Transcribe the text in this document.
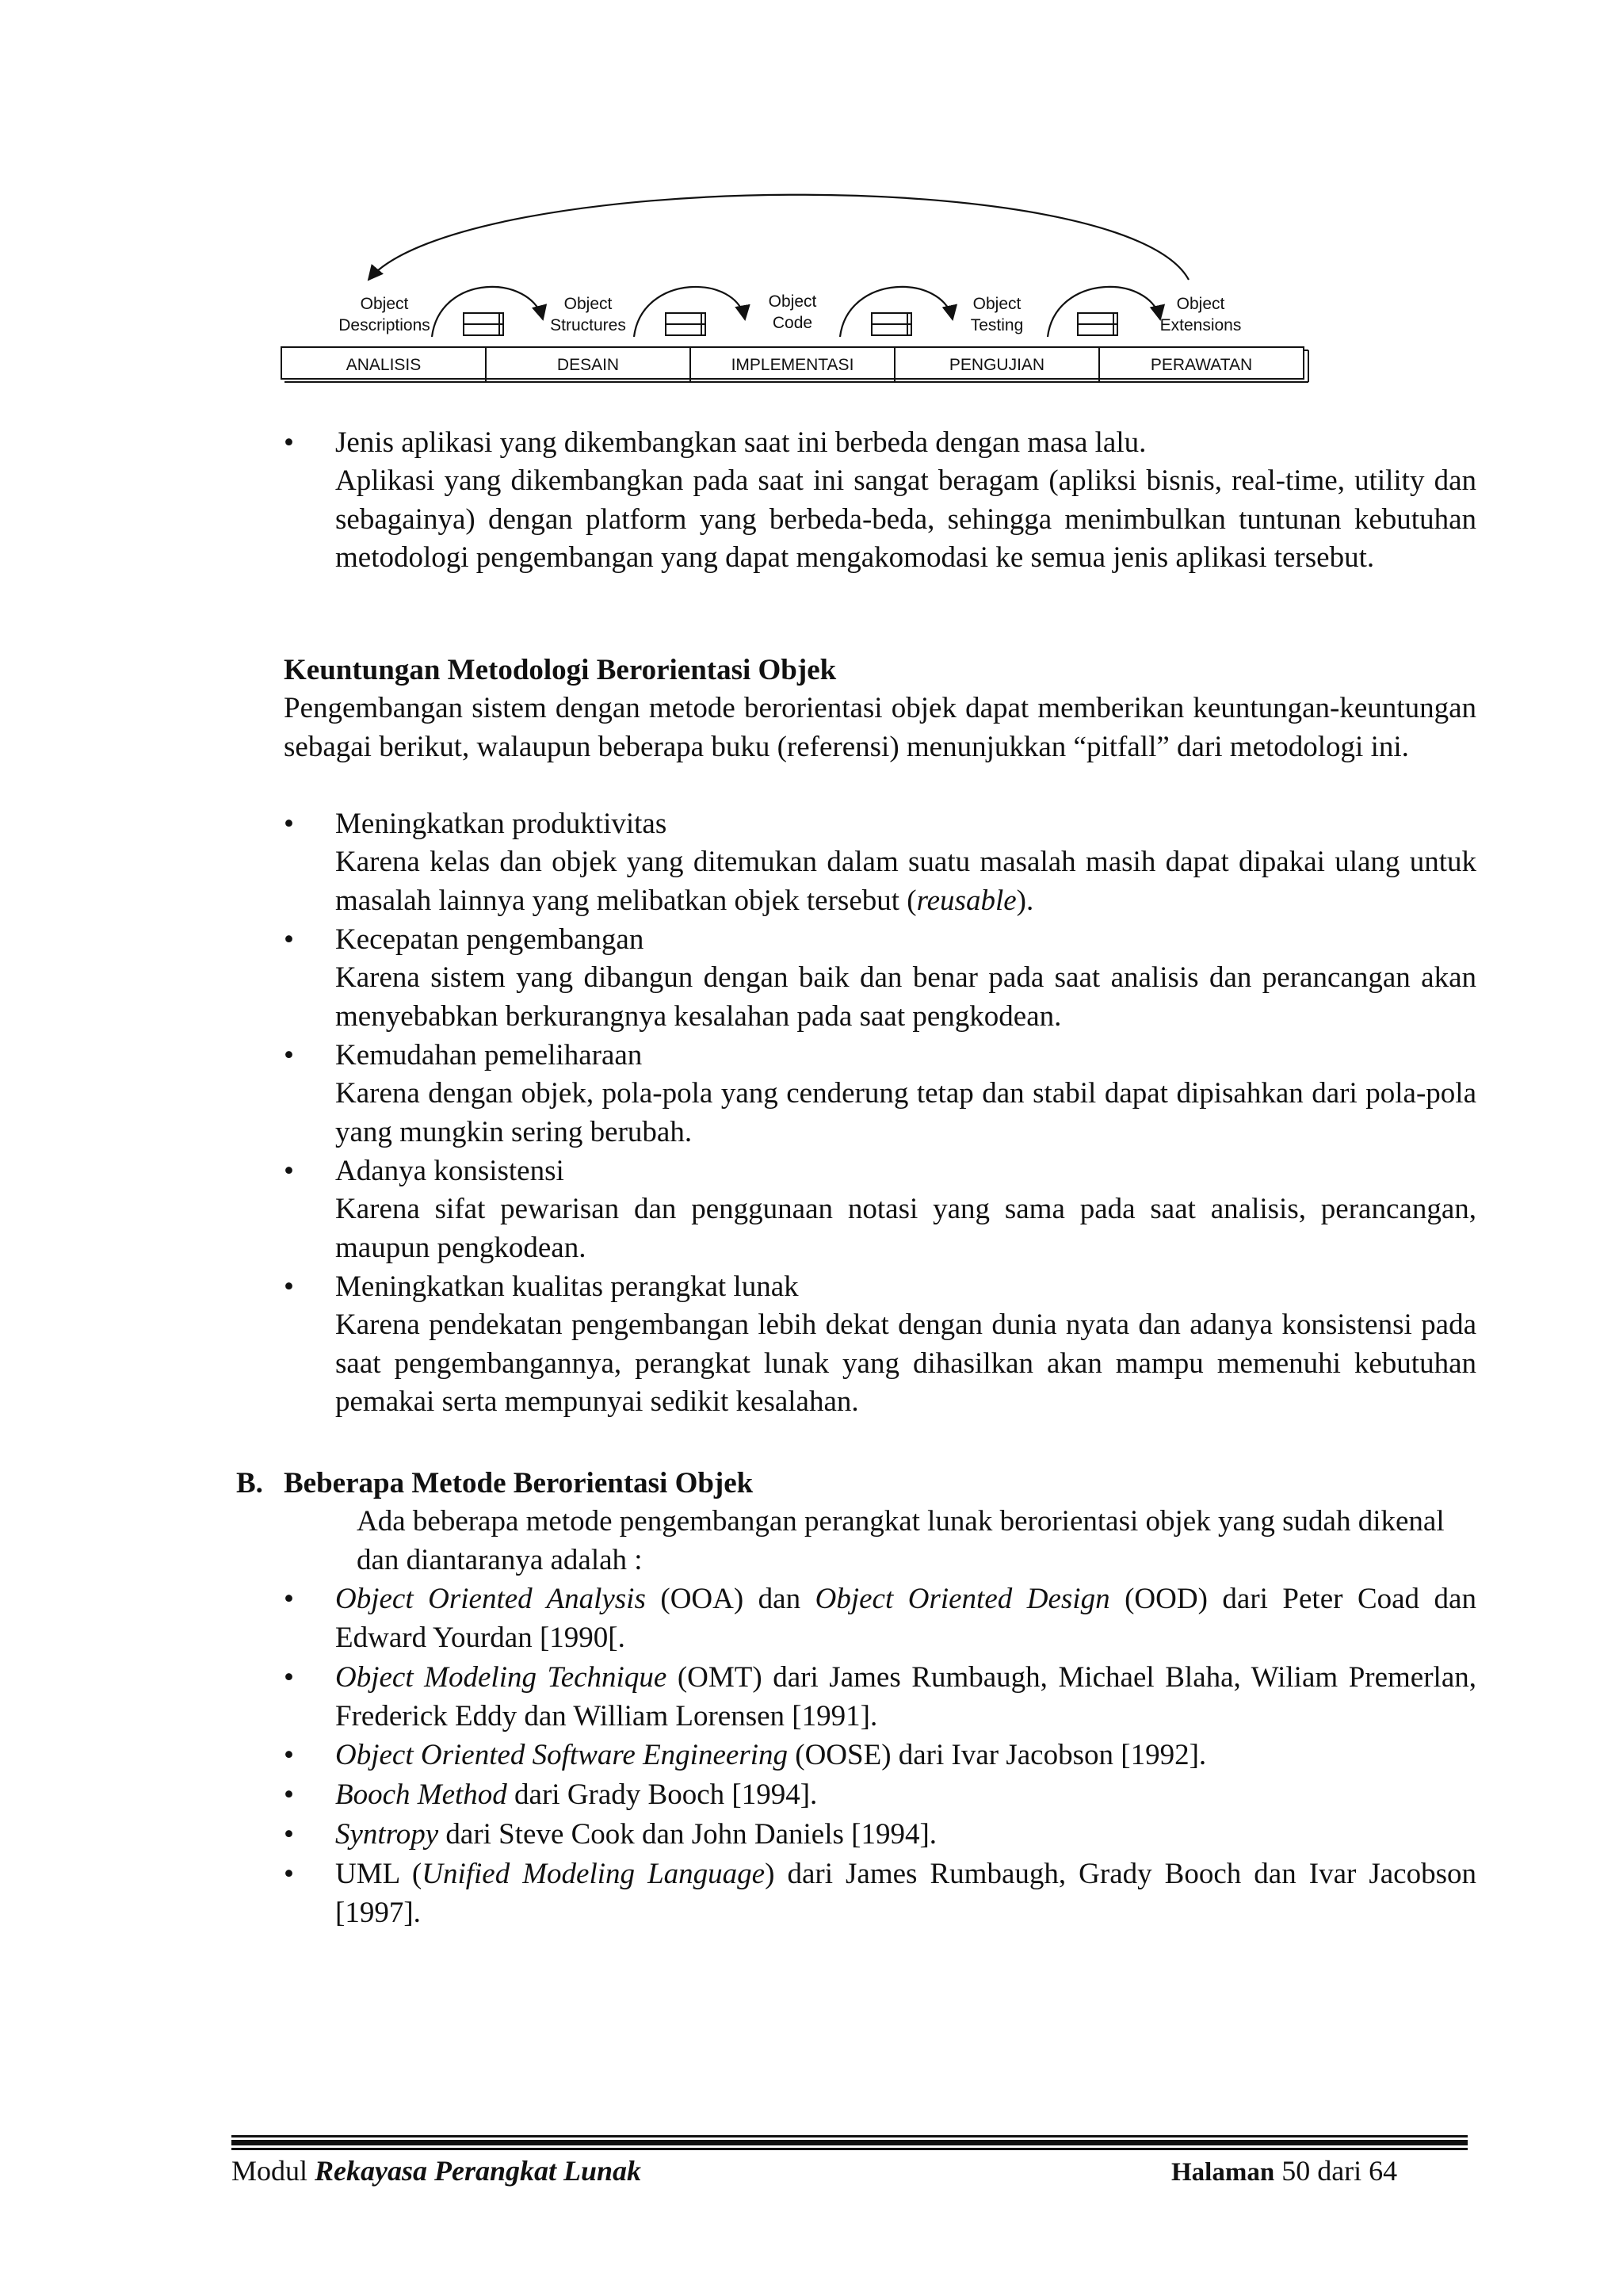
Object Descriptions
Object Structures
Object Code
Object Testing
Object Extensions
ANALISIS	DESAIN	IMPLEMENTASI	PENGUJIAN	PERAWATAN
• Jenis aplikasi yang dikembangkan saat ini berbeda dengan masa lalu.

Aplikasi yang dikembangkan pada saat ini sangat beragam (apliksi bisnis, real-time, utility dan sebagainya) dengan platform yang berbeda-beda, sehingga menimbulkan tuntunan kebutuhan metodologi pengembangan yang dapat mengakomodasi ke semua jenis aplikasi tersebut.

Keuntungan Metodologi Berorientasi Objek

Pengembangan sistem dengan metode berorientasi objek dapat memberikan keuntungan-keuntungan sebagai berikut, walaupun beberapa buku (referensi) menunjukkan “pitfall” dari metodologi ini.

• Meningkatkan produktivitas

Karena kelas dan objek yang ditemukan dalam suatu masalah masih dapat dipakai ulang untuk masalah lainnya yang melibatkan objek tersebut (reusable).

• Kecepatan pengembangan

Karena sistem yang dibangun dengan baik dan benar pada saat analisis dan perancangan akan menyebabkan berkurangnya kesalahan pada saat pengkodean.

• Kemudahan pemeliharaan

Karena dengan objek, pola-pola yang cenderung tetap dan stabil dapat dipisahkan dari pola-pola yang mungkin sering berubah.

• Adanya konsistensi

Karena sifat pewarisan dan penggunaan notasi yang sama pada saat analisis, perancangan, maupun pengkodean.

• Meningkatkan kualitas perangkat lunak

Karena pendekatan pengembangan lebih dekat dengan dunia nyata dan adanya konsistensi pada saat pengembangannya, perangkat lunak yang dihasilkan akan mampu memenuhi kebutuhan pemakai serta mempunyai sedikit kesalahan.

B. Beberapa Metode Berorientasi Objek

Ada beberapa metode pengembangan perangkat lunak berorientasi objek yang sudah dikenal dan diantaranya adalah :

• Object Oriented Analysis (OOA) dan Object Oriented Design (OOD) dari Peter Coad dan Edward Yourdan [1990[.

• Object Modeling Technique (OMT) dari James Rumbaugh, Michael Blaha, Wiliam Premerlan, Frederick Eddy dan William Lorensen [1991].

• Object Oriented Software Engineering (OOSE) dari Ivar Jacobson [1992].

• Booch Method dari Grady Booch [1994].

• Syntropy dari Steve Cook dan John Daniels [1994].

• UML (Unified Modeling Language) dari James Rumbaugh, Grady Booch dan Ivar Jacobson [1997].

Modul Rekayasa Perangkat Lunak	Halaman 50 dari 64
